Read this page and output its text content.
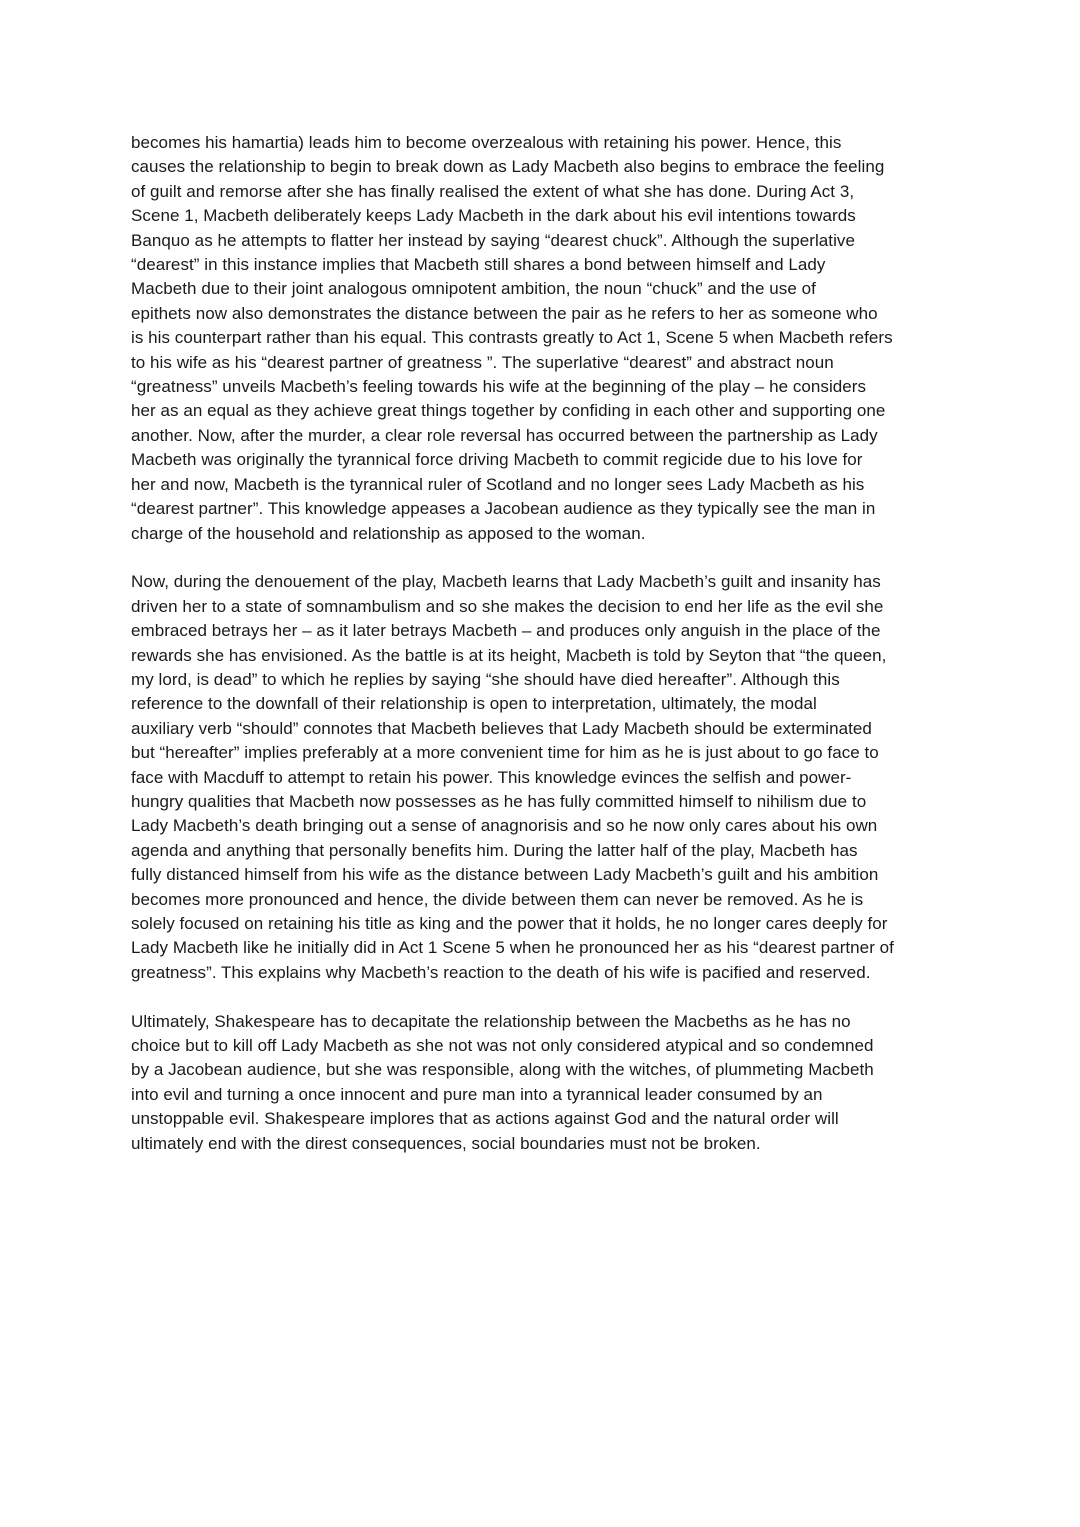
becomes his hamartia) leads him to become overzealous with retaining his power. Hence, this
causes the relationship to begin to break down as Lady Macbeth also begins to embrace the feeling
of guilt and remorse after she has finally realised the extent of what she has done. During Act 3,
Scene 1, Macbeth deliberately keeps Lady Macbeth in the dark about his evil intentions towards
Banquo as he attempts to flatter her instead by saying “dearest chuck”. Although the superlative
“dearest” in this instance implies that Macbeth still shares a bond between himself and Lady
Macbeth due to their joint analogous omnipotent ambition, the noun “chuck” and the use of
epithets now also demonstrates the distance between the pair as he refers to her as someone who
is his counterpart rather than his equal. This contrasts greatly to Act 1, Scene 5 when Macbeth refers
to his wife as his “dearest partner of greatness ”. The superlative “dearest” and abstract noun
“greatness” unveils Macbeth’s feeling towards his wife at the beginning of the play – he considers
her as an equal as they achieve great things together by confiding in each other and supporting one
another. Now, after the murder, a clear role reversal has occurred between the partnership as Lady
Macbeth was originally the tyrannical force driving Macbeth to commit regicide due to his love for
her and now, Macbeth is the tyrannical ruler of Scotland and no longer sees Lady Macbeth as his
“dearest partner”. This knowledge appeases a Jacobean audience as they typically see the man in
charge of the household and relationship as apposed to the woman.

Now, during the denouement of the play, Macbeth learns that Lady Macbeth’s guilt and insanity has
driven her to a state of somnambulism and so she makes the decision to end her life as the evil she
embraced betrays her – as it later betrays Macbeth – and produces only anguish in the place of the
rewards she has envisioned. As the battle is at its height, Macbeth is told by Seyton that “the queen,
my lord, is dead” to which he replies by saying “she should have died hereafter”. Although this
reference to the downfall of their relationship is open to interpretation, ultimately, the modal
auxiliary verb “should” connotes that Macbeth believes that Lady Macbeth should be exterminated
but “hereafter” implies preferably at a more convenient time for him as he is just about to go face to
face with Macduff to attempt to retain his power. This knowledge evinces the selfish and power-
hungry qualities that Macbeth now possesses as he has fully committed himself to nihilism due to
Lady Macbeth’s death bringing out a sense of anagnorisis and so he now only cares about his own
agenda and anything that personally benefits him. During the latter half of the play, Macbeth has
fully distanced himself from his wife as the distance between Lady Macbeth’s guilt and his ambition
becomes more pronounced and hence, the divide between them can never be removed. As he is
solely focused on retaining his title as king and the power that it holds, he no longer cares deeply for
Lady Macbeth like he initially did in Act 1 Scene 5 when he pronounced her as his “dearest partner of
greatness”. This explains why Macbeth’s reaction to the death of his wife is pacified and reserved.

Ultimately, Shakespeare has to decapitate the relationship between the Macbeths as he has no
choice but to kill off Lady Macbeth as she not was not only considered atypical and so condemned
by a Jacobean audience, but she was responsible, along with the witches, of plummeting Macbeth
into evil and turning a once innocent and pure man into a tyrannical leader consumed by an
unstoppable evil. Shakespeare implores that as actions against God and the natural order will
ultimately end with the direst consequences, social boundaries must not be broken.
